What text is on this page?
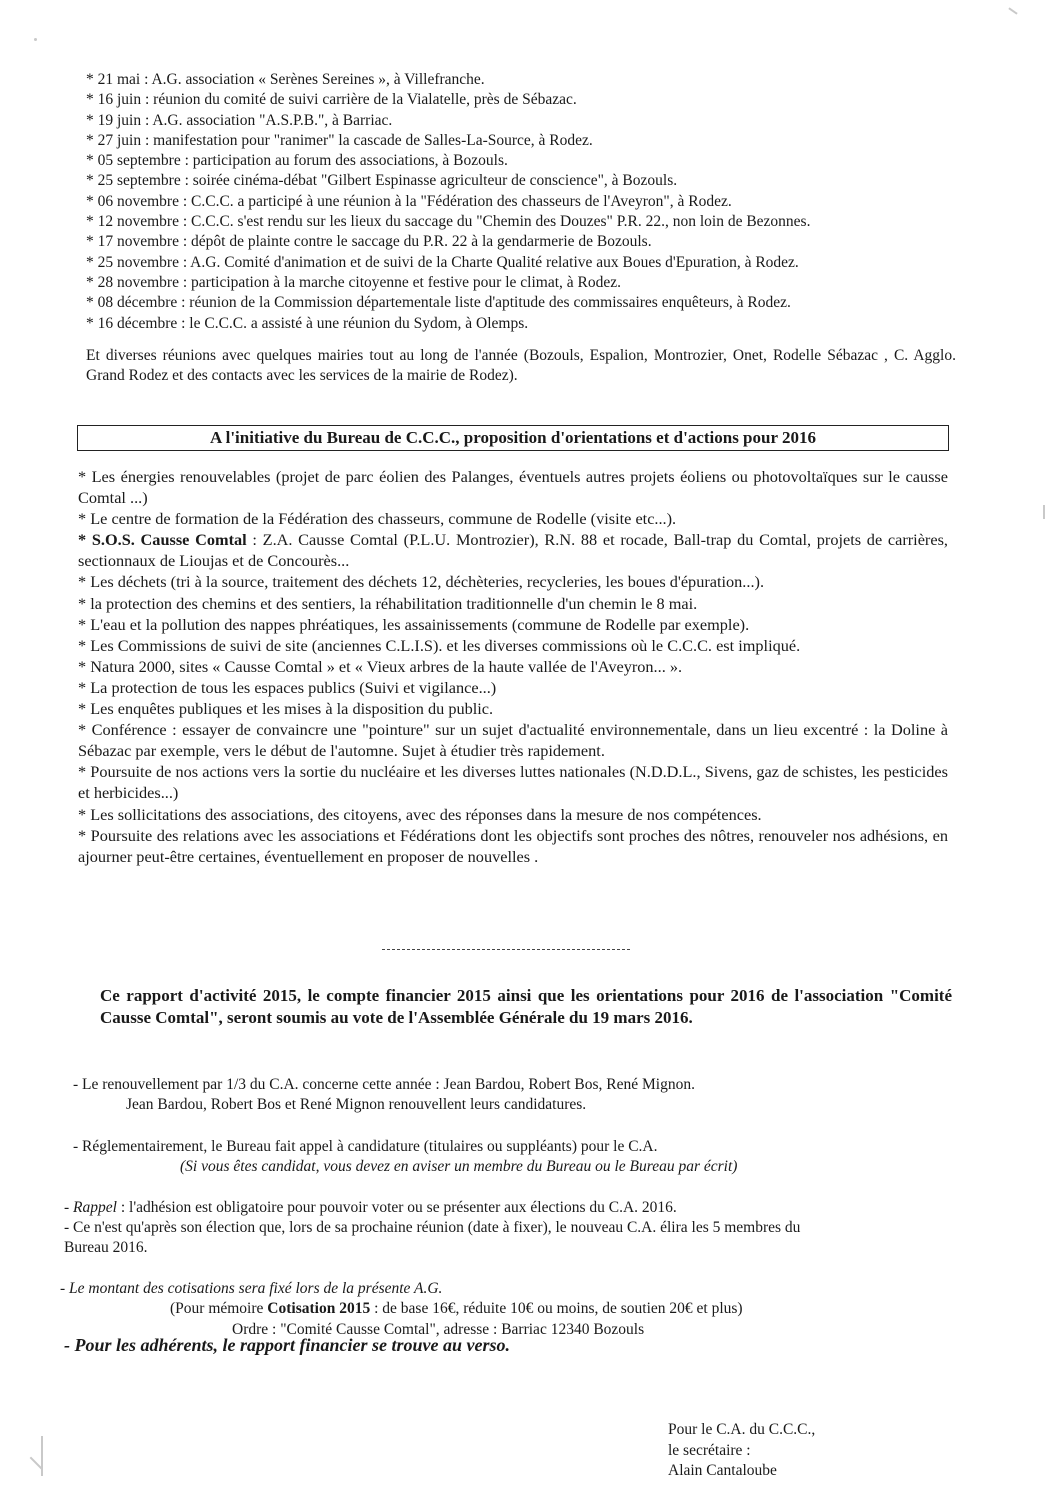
* 21 mai : A.G. association « Serènes Sereines », à Villefranche.
* 16 juin : réunion du comité de suivi carrière de la Vialatelle, près de Sébazac.
* 19 juin : A.G. association "A.S.P.B.", à Barriac.
* 27 juin : manifestation pour "ranimer" la cascade de Salles-La-Source, à Rodez.
* 05 septembre : participation au forum des associations, à Bozouls.
* 25 septembre : soirée cinéma-débat "Gilbert Espinasse agriculteur de conscience", à Bozouls.
* 06 novembre : C.C.C. a participé à une réunion à la "Fédération des chasseurs de l'Aveyron", à Rodez.
* 12 novembre : C.C.C. s'est rendu sur les lieux du saccage du "Chemin des Douzes" P.R. 22., non loin de Bezonnes.
* 17 novembre : dépôt de plainte contre le saccage du P.R. 22 à la gendarmerie de Bozouls.
* 25 novembre : A.G. Comité d'animation et de suivi de la Charte Qualité relative aux Boues d'Epuration, à Rodez.
* 28 novembre : participation à la marche citoyenne et festive pour le climat, à Rodez.
* 08 décembre : réunion de la Commission départementale liste d'aptitude des commissaires enquêteurs, à Rodez.
* 16 décembre : le C.C.C. a assisté à une réunion du Sydom, à Olemps.
Et diverses réunions avec quelques mairies tout au long de l'année (Bozouls, Espalion, Montrozier, Onet, Rodelle Sébazac , C. Agglo. Grand Rodez et des contacts avec les services de la mairie de Rodez).
A l'initiative du Bureau de C.C.C., proposition d'orientations et d'actions pour 2016
* Les énergies renouvelables (projet de parc éolien des Palanges, éventuels autres projets éoliens ou photovoltaïques sur le causse Comtal ...)
* Le centre de formation de la Fédération des chasseurs, commune de Rodelle (visite etc...).
* S.O.S. Causse Comtal : Z.A. Causse Comtal (P.L.U. Montrozier), R.N. 88 et rocade, Ball-trap du Comtal, projets de carrières, sectionnaux de Lioujas et de Concourès...
* Les déchets (tri à la source, traitement des déchets 12, déchèteries, recycleries, les boues d'épuration...).
* la protection des chemins et des sentiers, la réhabilitation traditionnelle d'un chemin le 8 mai.
* L'eau et la pollution des nappes phréatiques, les assainissements (commune de Rodelle par exemple).
* Les Commissions de suivi de site (anciennes C.L.I.S). et les diverses commissions où le C.C.C. est impliqué.
* Natura 2000, sites « Causse Comtal » et « Vieux arbres de la haute vallée de l'Aveyron... ».
* La protection de tous les espaces publics (Suivi et vigilance...)
* Les enquêtes publiques et les mises à la disposition du public.
* Conférence : essayer de convaincre une "pointure" sur un sujet d'actualité environnementale, dans un lieu excentré : la Doline à Sébazac par exemple, vers le début de l'automne. Sujet à étudier très rapidement.
* Poursuite de nos actions vers la sortie du nucléaire et les diverses luttes nationales (N.D.D.L., Sivens, gaz de schistes, les pesticides et herbicides...)
* Les sollicitations des associations, des citoyens, avec des réponses dans la mesure de nos compétences.
* Poursuite des relations avec les associations et Fédérations dont les objectifs sont proches des nôtres, renouveler nos adhésions, en ajourner peut-être certaines, éventuellement en proposer de nouvelles .
Ce rapport d'activité 2015, le compte financier 2015 ainsi que les orientations pour 2016 de l'association "Comité Causse Comtal", seront soumis au vote de l'Assemblée Générale du 19 mars 2016.
- Le renouvellement par 1/3 du C.A. concerne cette année : Jean Bardou, Robert Bos, René Mignon.
Jean Bardou, Robert Bos et René Mignon renouvellent leurs candidatures.
- Réglementairement, le Bureau fait appel à candidature (titulaires ou suppléants) pour le C.A.
(Si vous êtes candidat, vous devez en aviser un membre du Bureau ou le Bureau par écrit)
- Rappel : l'adhésion est obligatoire pour pouvoir voter ou se présenter aux élections du C.A. 2016.
- Ce n'est qu'après son élection que, lors de sa prochaine réunion (date à fixer), le nouveau C.A. élira les 5 membres du
Bureau 2016.
- Le montant des cotisations sera fixé lors de la présente A.G.
(Pour mémoire Cotisation 2015 : de base 16€, réduite 10€ ou moins, de soutien 20€ et plus)
Ordre : "Comité Causse Comtal", adresse : Barriac 12340 Bozouls
- Pour les adhérents, le rapport financier se trouve au verso.
Pour le C.A. du C.C.C.,
le secrétaire :
Alain Cantaloube
